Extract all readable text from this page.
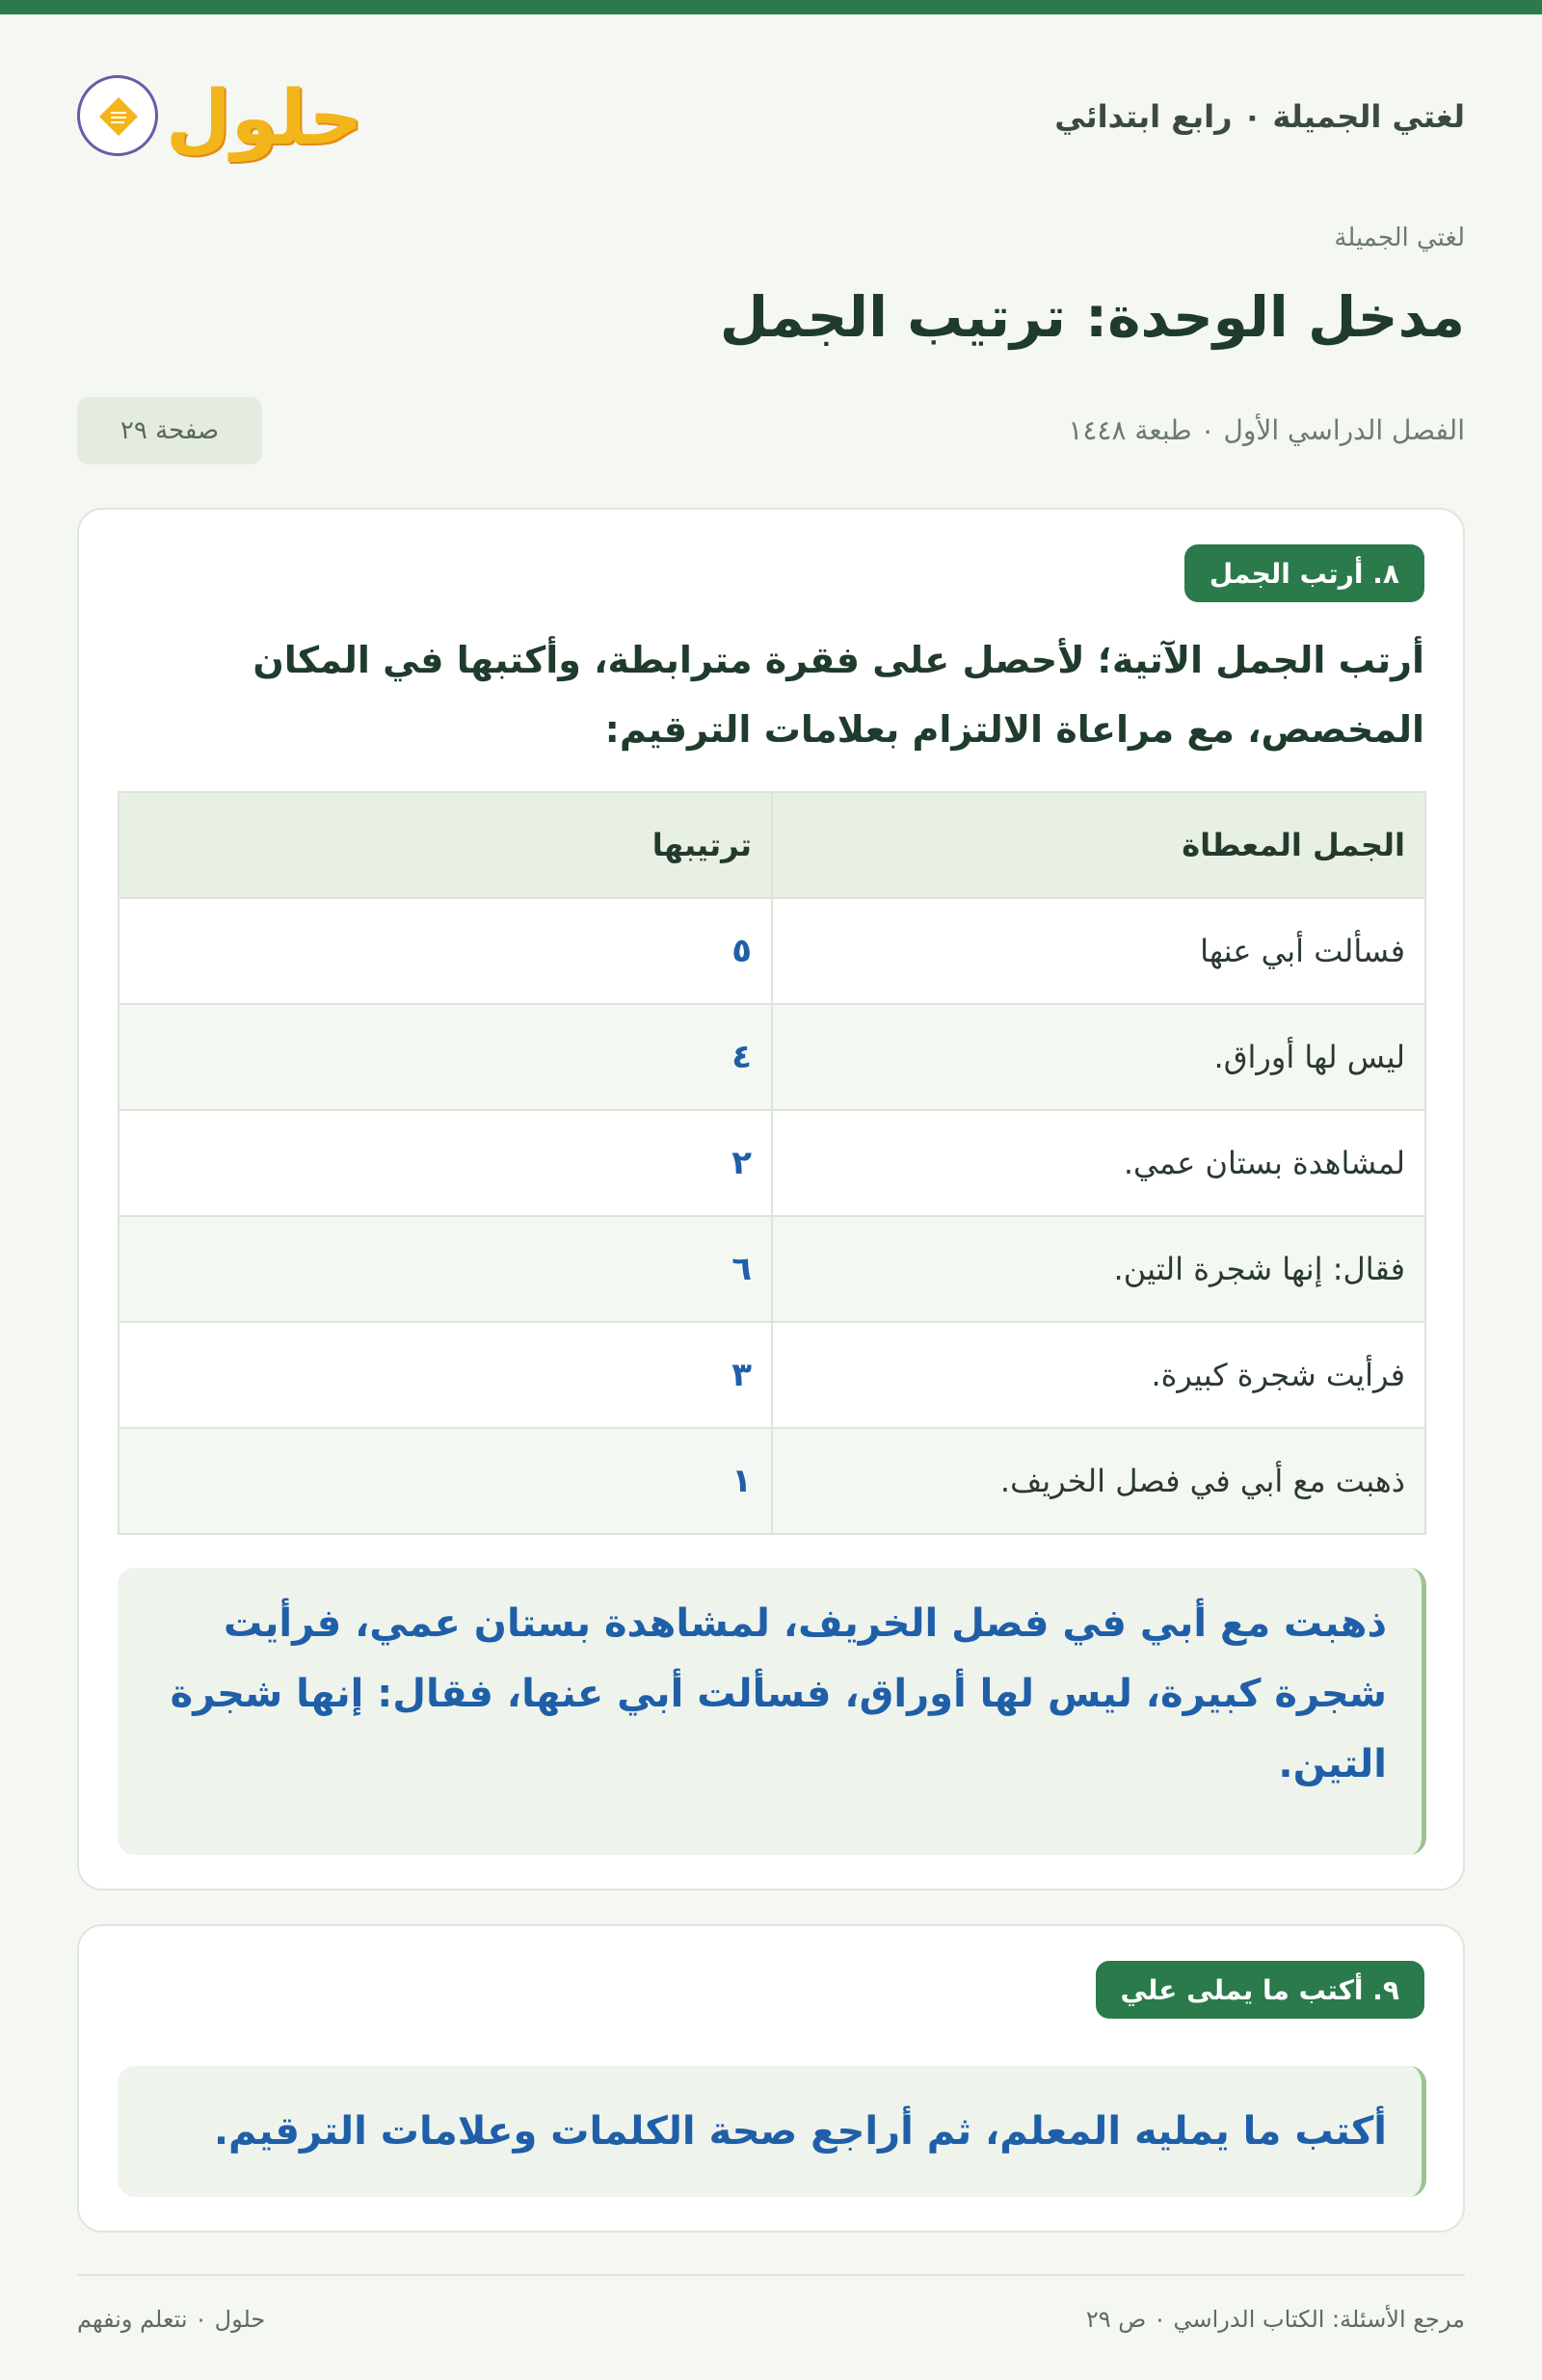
حلول	لغتي الجميلة ٠ رابع ابتدائي
لغتي الجميلة
مدخل الوحدة: ترتيب الجمل
الفصل الدراسي الأول ٠ طبعة ١٤٤٨
صفحة ٢٩
٨. أرتب الجمل

أرتب الجمل الآتية؛ لأحصل على فقرة مترابطة، وأكتبها في المكان المخصص، مع مراعاة الالتزام بعلامات الترقيم:

الجمل المعطاة	ترتيبها
فسألت أبي عنها	٥
ليس لها أوراق.	٤
لمشاهدة بستان عمي.	٢
فقال: إنها شجرة التين.	٦
فرأيت شجرة كبيرة.	٣
ذهبت مع أبي في فصل الخريف.	١
ذهبت مع أبي في فصل الخريف، لمشاهدة بستان عمي، فرأيت شجرة كبيرة، ليس لها أوراق، فسألت أبي عنها، فقال: إنها شجرة التين.
٩. أكتب ما يملى علي
أكتب ما يمليه المعلم، ثم أراجع صحة الكلمات وعلامات الترقيم.
مرجع الأسئلة: الكتاب الدراسي ٠ ص ٢٩
حلول ٠ نتعلم ونفهم
